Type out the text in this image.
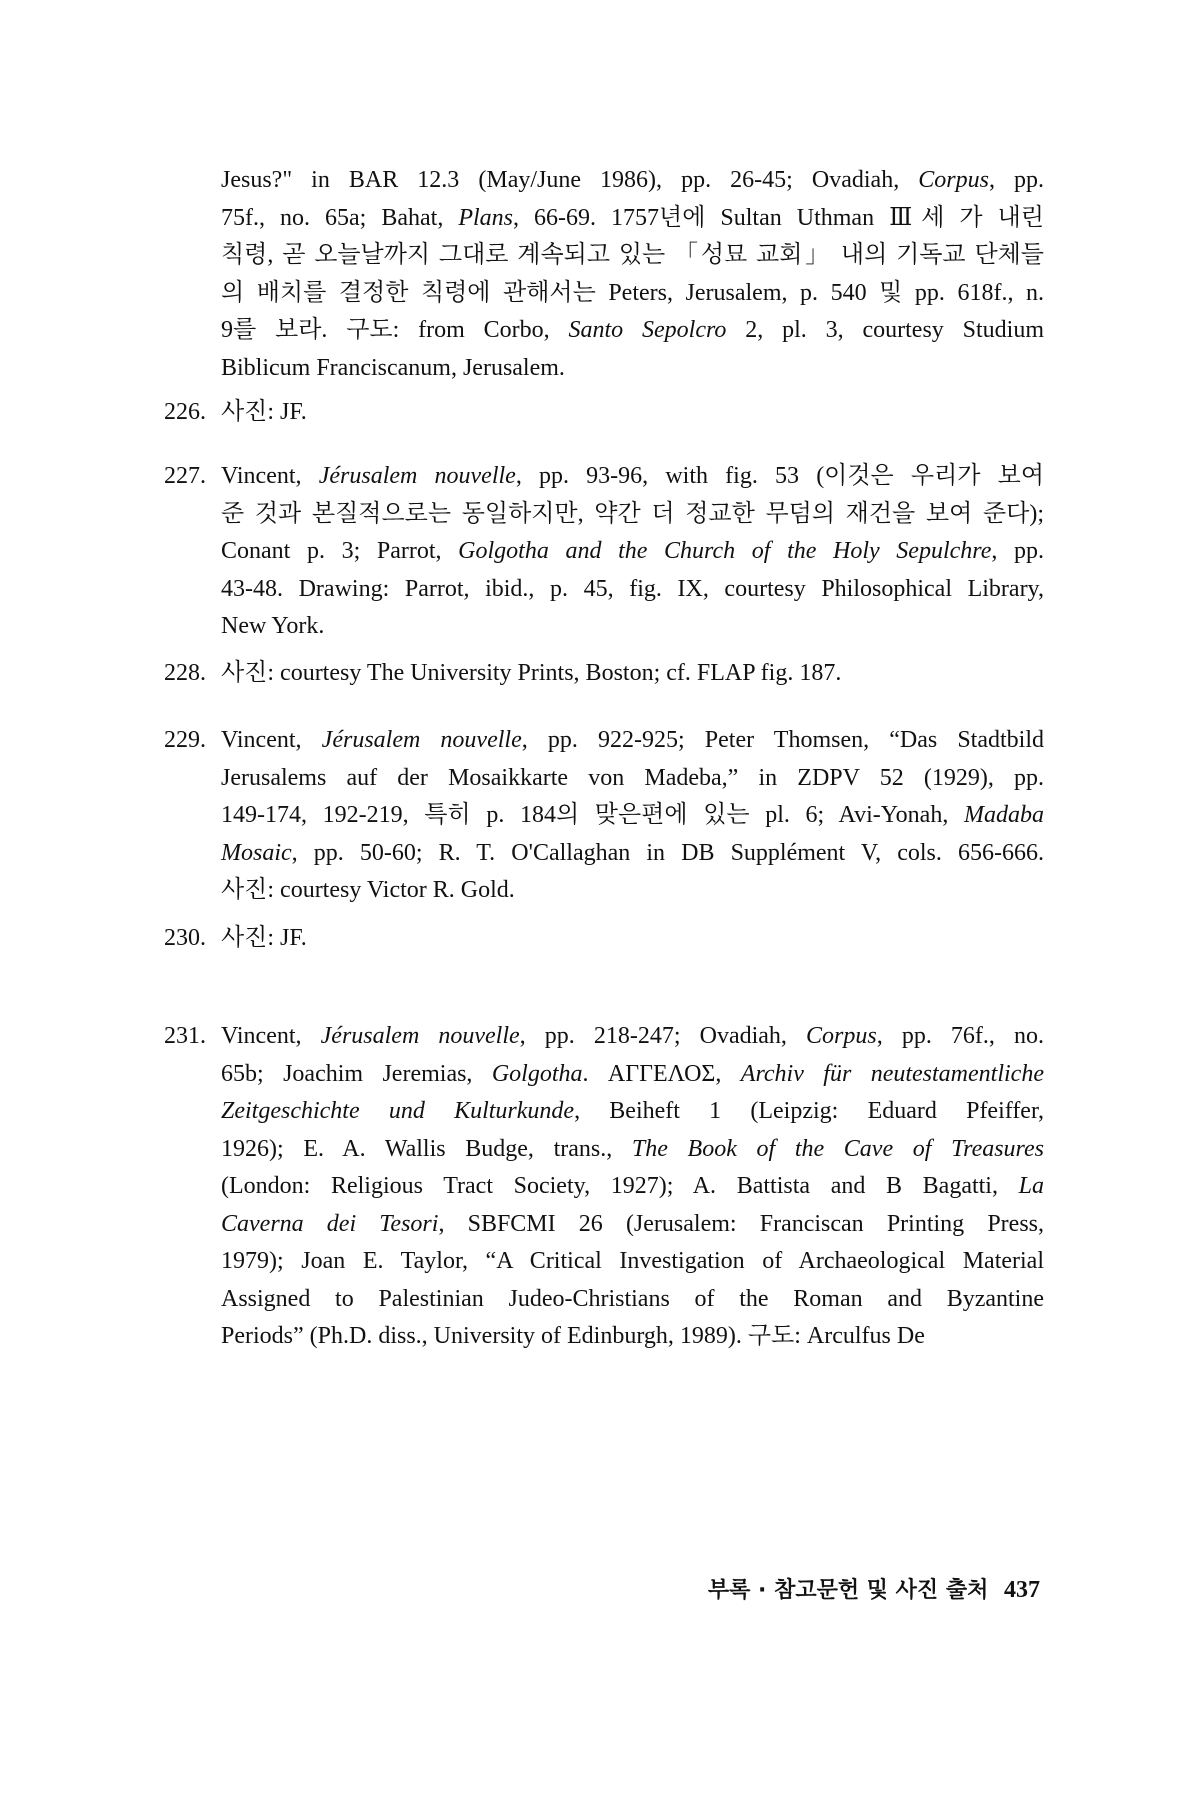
Jesus?" in BAR 12.3 (May/June 1986), pp. 26-45; Ovadiah, Corpus, pp.
75f., no. 65a; Bahat, Plans, 66-69. 1757년에 Sultan Uthman Ⅲ세 가 내린
칙령, 곧 오늘날까지 그대로 계속되고 있는 「성묘 교회」 내의 기독교 단체들
의 배치를 결정한 칙령에 관해서는 Peters, Jerusalem, p. 540 및 pp. 618f., n.
9를 보라. 구도: from Corbo, Santo Sepolcro 2, pl. 3, courtesy Studium
Biblicum Franciscanum, Jerusalem.
226. 사진: JF.
227. Vincent, Jérusalem nouvelle, pp. 93-96, with fig. 53 (이것은 우리가 보여
준 것과 본질적으로는 동일하지만, 약간 더 정교한 무덤의 재건을 보여 준다);
Conant p. 3; Parrot, Golgotha and the Church of the Holy Sepulchre, pp.
43-48. Drawing: Parrot, ibid., p. 45, fig. IX, courtesy Philosophical Library,
New York.
228. 사진: courtesy The University Prints, Boston; cf. FLAP fig. 187.
229. Vincent, Jérusalem nouvelle, pp. 922-925; Peter Thomsen, “Das Stadtbild
Jerusalems auf der Mosaikkarte von Madeba,” in ZDPV 52 (1929), pp.
149-174, 192-219, 특히 p. 184의 맞은편에 있는 pl. 6; Avi-Yonah, Madaba
Mosaic, pp. 50-60; R. T. O'Callaghan in DB Supplément V, cols. 656-666.
사진: courtesy Victor R. Gold.
230. 사진: JF.
231. Vincent, Jérusalem nouvelle, pp. 218-247; Ovadiah, Corpus, pp. 76f., no.
65b; Joachim Jeremias, Golgotha. ΑΓΓΕΛΟΣ, Archiv für neutestamentliche
Zeitgeschichte und Kulturkunde, Beiheft 1 (Leipzig: Eduard Pfeiffer,
1926); E. A. Wallis Budge, trans., The Book of the Cave of Treasures
(London: Religious Tract Society, 1927); A. Battista and B Bagatti, La
Caverna dei Tesori, SBFCMI 26 (Jerusalem: Franciscan Printing Press,
1979); Joan E. Taylor, “A Critical Investigation of Archaeological Material
Assigned to Palestinian Judeo-Christians of the Roman and Byzantine
Periods” (Ph.D. diss., University of Edinburgh, 1989). 구도: Arculfus De
부록 · 참고문헌 및 사진 출처 437
